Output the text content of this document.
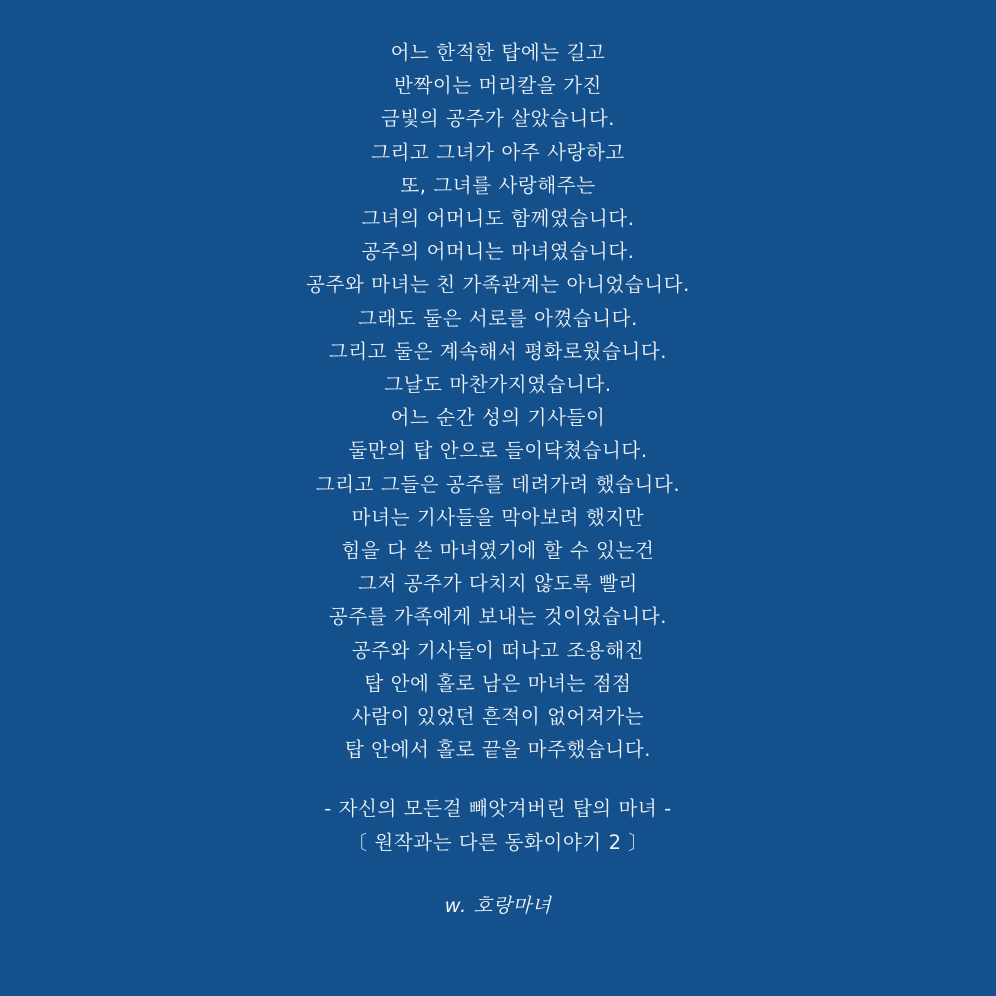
어느 한적한 탑에는 길고
반짝이는 머리칼을 가진
금빛의 공주가 살았습니다.
그리고 그녀가 아주 사랑하고
또, 그녀를 사랑해주는
그녀의 어머니도 함께였습니다.
공주의 어머니는 마녀였습니다.
공주와 마녀는 친 가족관계는 아니었습니다.
그래도 둘은 서로를 아꼈습니다.
그리고 둘은 계속해서 평화로웠습니다.
그날도 마찬가지였습니다.
어느 순간 성의 기사들이
둘만의 탑 안으로 들이닥쳤습니다.
그리고 그들은 공주를 데려가려 했습니다.
마녀는 기사들을 막아보려 했지만
힘을 다 쓴 마녀였기에 할 수 있는건
그저 공주가 다치지 않도록 빨리
공주를 가족에게 보내는 것이었습니다.
공주와 기사들이 떠나고 조용해진
탑 안에 홀로 남은 마녀는 점점
사람이 있었던 흔적이 없어져가는
탑 안에서 홀로 끝을 마주했습니다.
- 자신의 모든걸 빼앗겨버린 탑의 마녀 -
〔 원작과는 다른 동화이야기 2 〕
w. 호랑마녀
